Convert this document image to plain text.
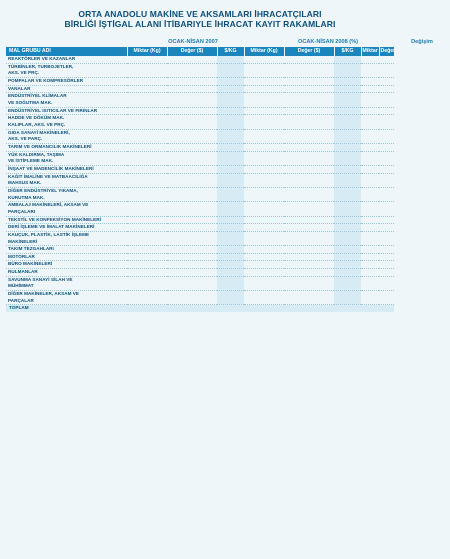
ORTA ANADOLU MAKİNE VE AKSAMLARI İHRACATÇILARI
BİRLİĞİ İŞTİGAL ALANI İTİBARIYLE İHRACAT KAYIT RAKAMLARI
OCAK-NİSAN 2007	OCAK-NİSAN 2008 (%)	Değişim
MAL GRUBU ADI	Miktar (Kg)	Değer ($)	$/KG	Miktar (Kg)	Değer ($)	$/KG	Miktar	Değer	
REAKTÖRLER VE KAZANLAR									
TÜRBİNLER, TURBOJETLER,									
AKS. VE PRÇ.									
POMPALAR VE KOMPRESÖRLER									
VANALAR									
ENDÜSTRİYEL KLİMALAR									
VE SOĞUTMA MAK.									
ENDÜSTRİYEL ISITICILAR VE FIRINLAR									
HADDE VE DÖKÜM MAK.									
KALIPLAR, AKS. VE PRÇ.									
GIDA SANAYİ MAKİNELERİ,									
AKS. VE PARÇ.									
TARIM VE ORMANCILIK MAKİNELERİ									
YÜK KALDIRMA, TAŞIMA									
VE İSTİFLEME MAK.									
İNŞAAT VE MADENCİLİK MAKİNELERİ									
KAĞIT İMALİNE VE MATBAACILIĞA									
MAHSUS MAK.									
DİĞER ENDÜSTRİYEL YIKAMA,									
KURUTMA MAK.									
AMBALAJ MAKİNELERİ, AKSAM VE									
PARÇALARI									
TEKSTİL VE KONFEKSİYON MAKİNELERİ									
DERİ İŞLEME VE İMALAT MAKİNELERİ									
KAUÇUK, PLASTİK, LASTİK İŞLEME									
MAKİNELERİ									
TAKIM TEZGAHLARI									
MOTORLAR									
BÜRO MAKİNELERİ									
RULMANLAR									
SAVUNMA SANAYİ SİLAH VE									
MÜHİMMAT									
DİĞER MAKİNELER, AKSAM VE									
PARÇALAR									
TOPLAM									
